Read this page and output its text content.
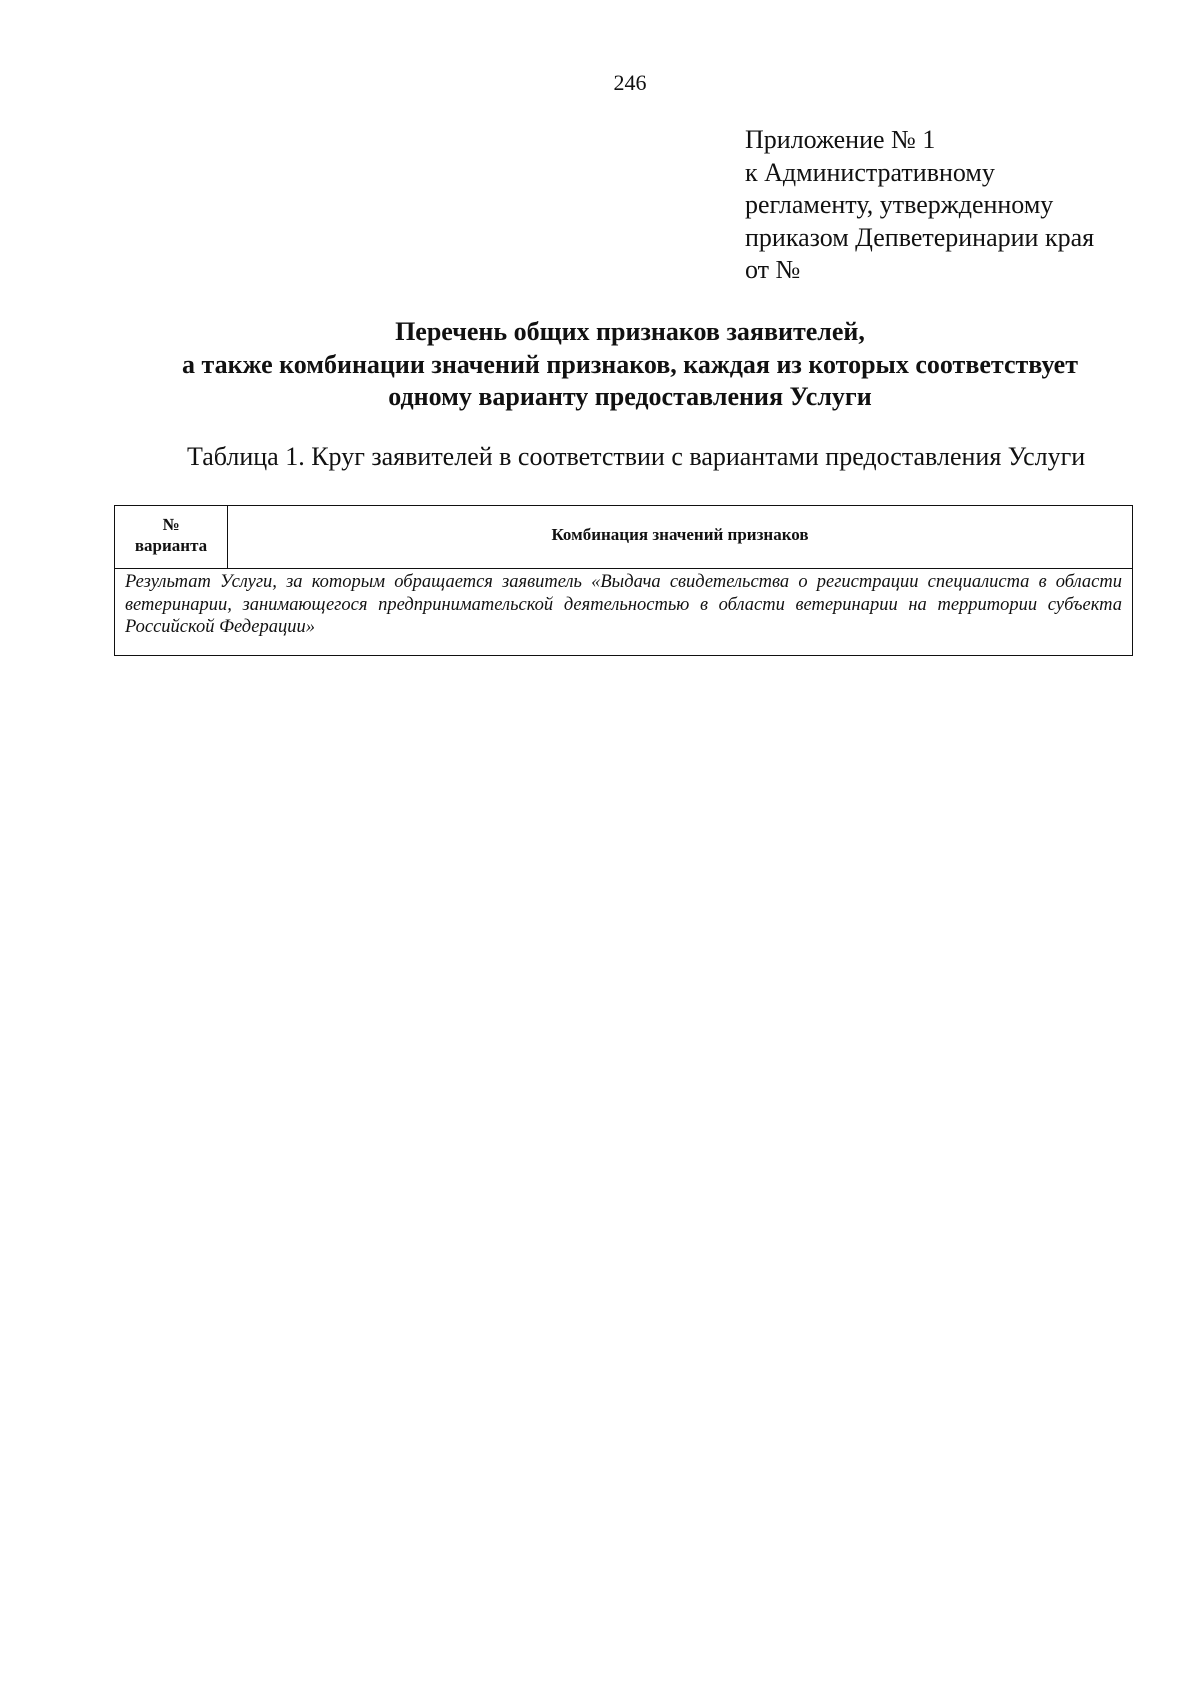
246
Приложение № 1
к Административному
регламенту, утвержденному
приказом Депветеринарии края
от №
Перечень общих признаков заявителей,
а также комбинации значений признаков, каждая из которых соответствует
одному варианту предоставления Услуги
Таблица 1. Круг заявителей в соответствии с вариантами предоставления Услуги
№
варианта
Комбинация значений признаков
Результат Услуги, за которым обращается заявитель «Выдача свидетельства о регистрации специалиста в области ветеринарии, занимающегося предпринимательской деятельностью в области ветеринарии на территории субъекта Российской Федерации»
